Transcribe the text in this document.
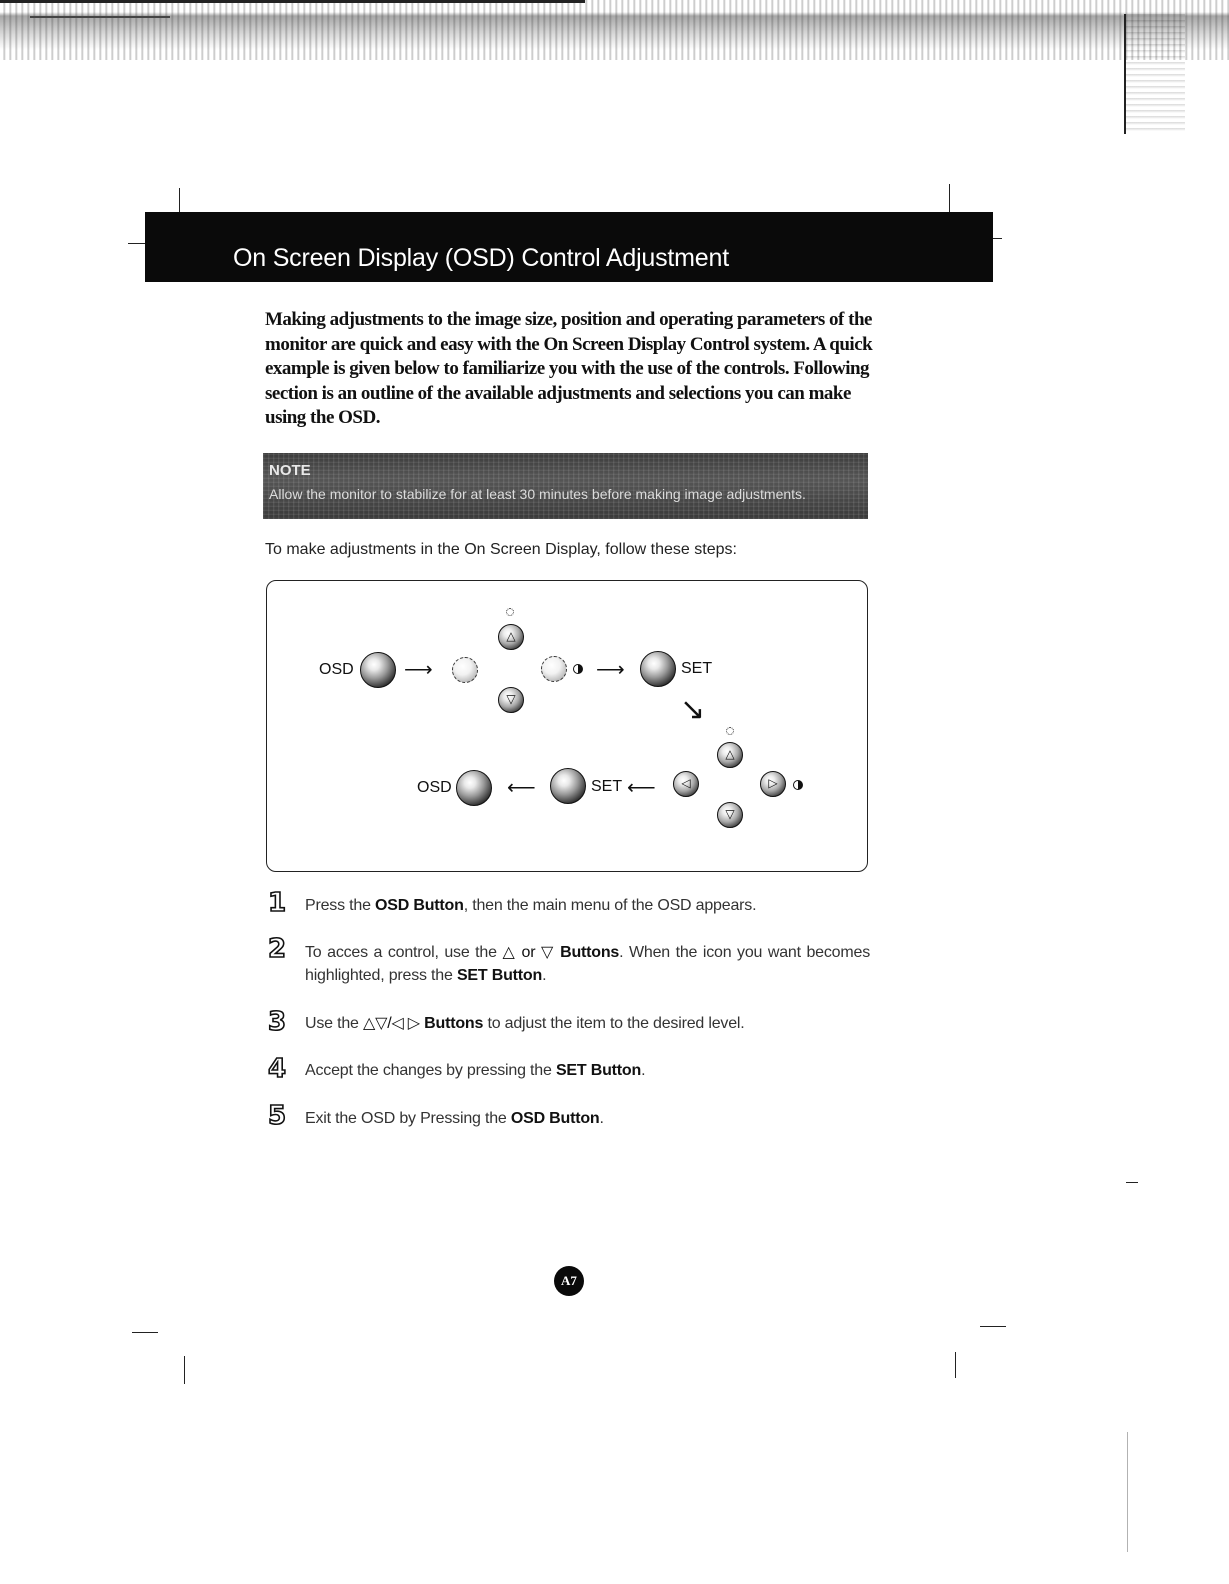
On Screen Display (OSD) Control Adjustment
Making adjustments to the image size, position and operating parameters of the monitor are quick and easy with the On Screen Display Control system. A quick example is given below to familiarize you with the use of the controls. Following section is an outline of the available adjustments and selections you can make using the OSD.
NOTE
Allow the monitor to stabilize for at least 30 minutes before making image adjustments.
To make adjustments in the On Screen Display, follow these steps:
OSD	⟶
△
▽
⟶	SET
↘
△
▽
▷
◁
⟵
SET
⟵
OSD
1 Press the OSD Button, then the main menu of the OSD appears.
2 To acces a control, use the △ or ▽ Buttons. When the icon you want becomes highlighted, press the SET Button.
3 Use the △▽/◁ ▷ Buttons to adjust the item to the desired level.
4 Accept the changes by pressing the SET Button.
5 Exit the OSD by Pressing the OSD Button.
A7
